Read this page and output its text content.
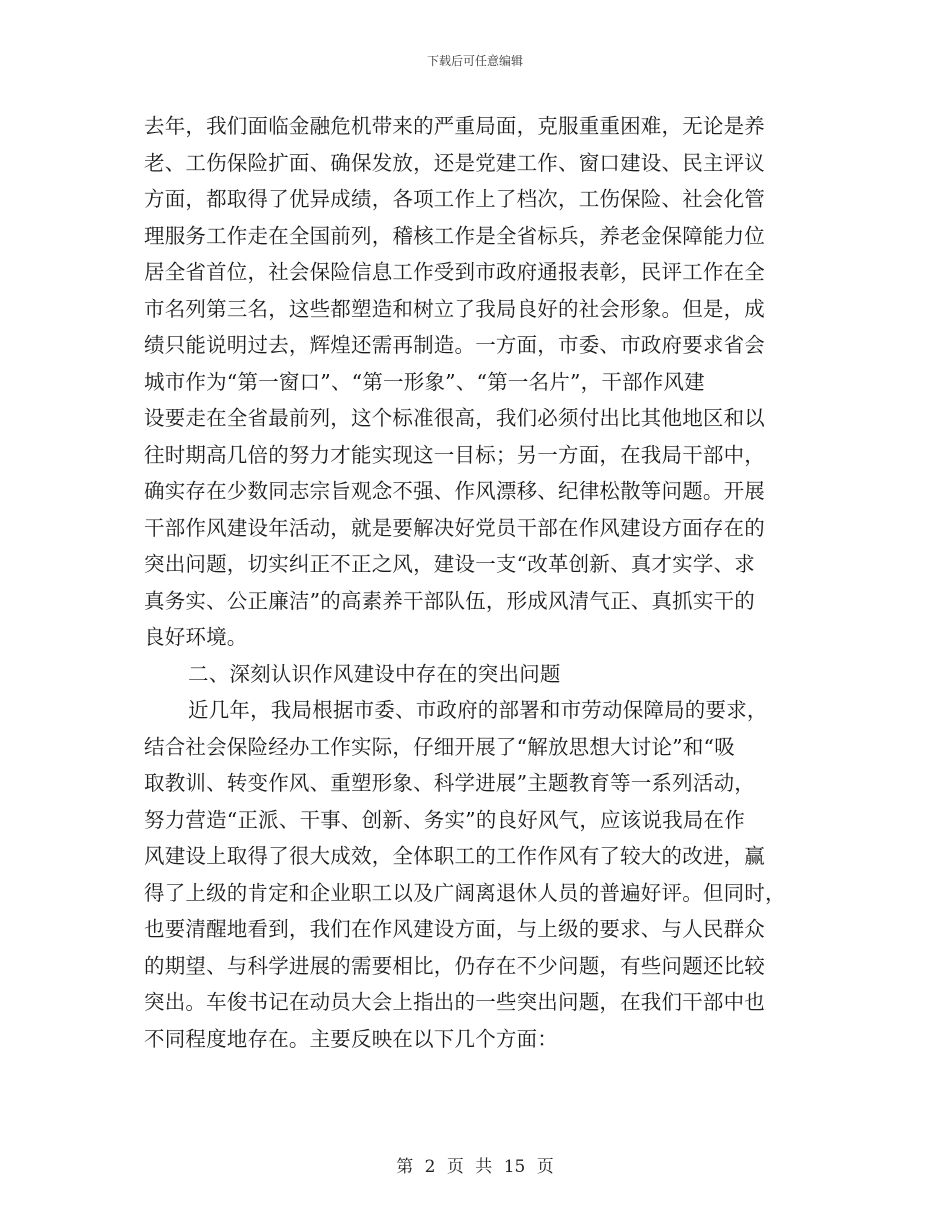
下载后可任意编辑
去年，我们面临金融危机带来的严重局面，克服重重困难，无论是养
老、工伤保险扩面、确保发放，还是党建工作、窗口建设、民主评议
方面，都取得了优异成绩，各项工作上了档次，工伤保险、社会化管
理服务工作走在全国前列，稽核工作是全省标兵，养老金保障能力位
居全省首位，社会保险信息工作受到市政府通报表彰，民评工作在全
市名列第三名，这些都塑造和树立了我局良好的社会形象。但是，成
绩只能说明过去，辉煌还需再制造。一方面，市委、市政府要求省会
城市作为“第一窗口”、“第一形象”、“第一名片”，干部作风建
设要走在全省最前列，这个标准很高，我们必须付出比其他地区和以
往时期高几倍的努力才能实现这一目标；另一方面，在我局干部中，
确实存在少数同志宗旨观念不强、作风漂移、纪律松散等问题。开展
干部作风建设年活动，就是要解决好党员干部在作风建设方面存在的
突出问题，切实纠正不正之风，建设一支“改革创新、真才实学、求
真务实、公正廉洁”的高素养干部队伍，形成风清气正、真抓实干的
良好环境。
二、深刻认识作风建设中存在的突出问题
近几年，我局根据市委、市政府的部署和市劳动保障局的要求，
结合社会保险经办工作实际，仔细开展了“解放思想大讨论”和“吸
取教训、转变作风、重塑形象、科学进展”主题教育等一系列活动，
努力营造“正派、干事、创新、务实”的良好风气，应该说我局在作
风建设上取得了很大成效，全体职工的工作作风有了较大的改进，赢
得了上级的肯定和企业职工以及广阔离退休人员的普遍好评。但同时，
也要清醒地看到，我们在作风建设方面，与上级的要求、与人民群众
的期望、与科学进展的需要相比，仍存在不少问题，有些问题还比较
突出。车俊书记在动员大会上指出的一些突出问题，在我们干部中也
不同程度地存在。主要反映在以下几个方面：
第 2 页 共 15 页
